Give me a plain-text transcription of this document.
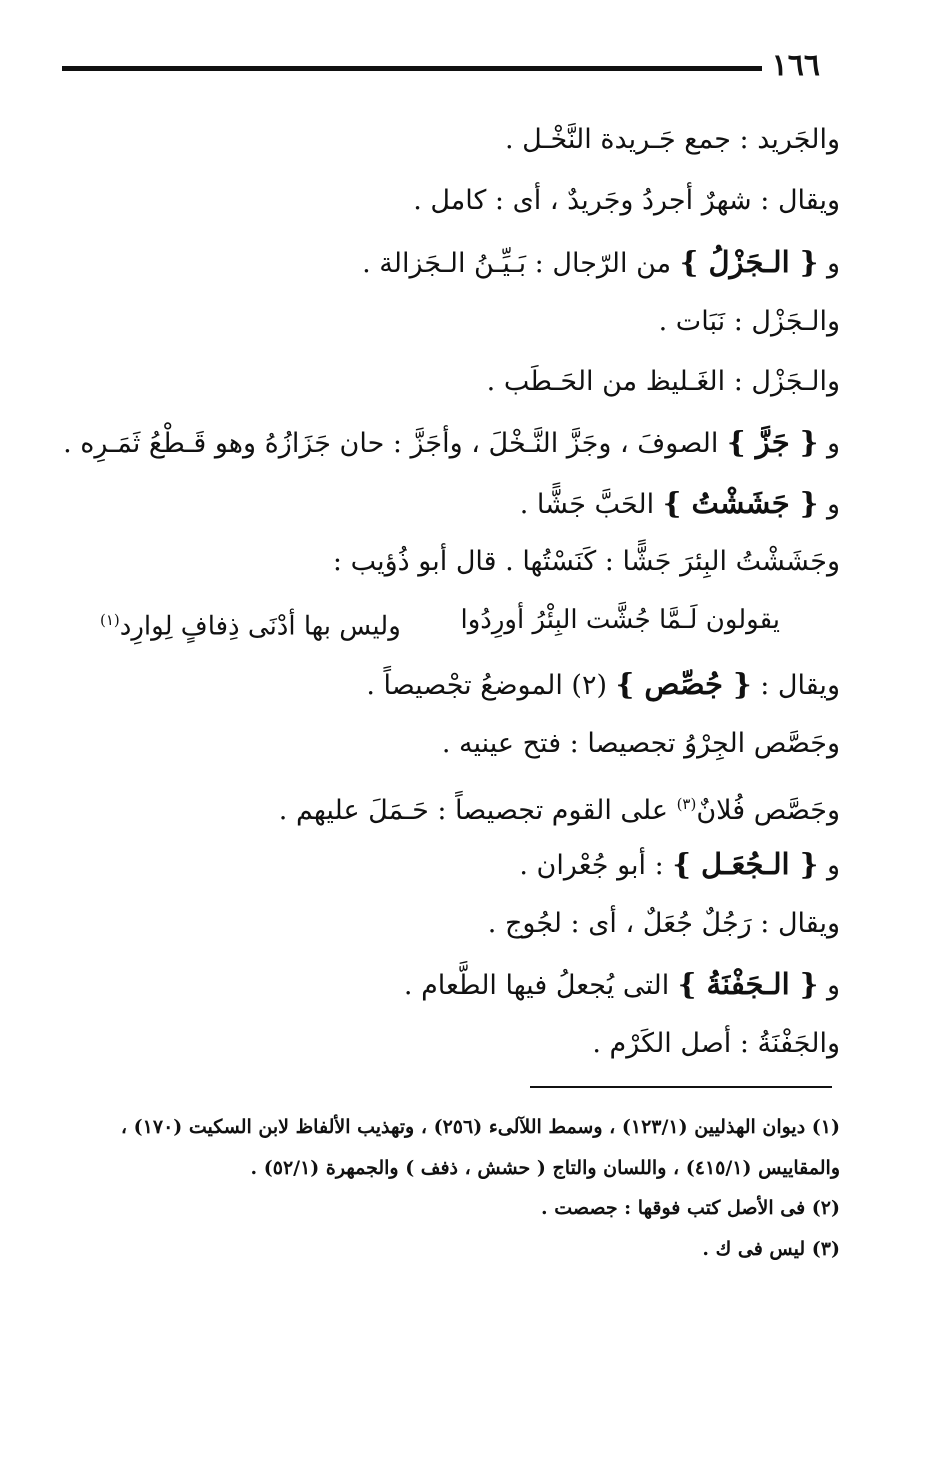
١٦٦
والجَريد : جمع جَـريدة النَّخْـل .
ويقال : شهرٌ أجردُ وجَريدٌ ، أى : كامل .
و { الـجَزْلُ } من الرّجال : بَـيِّـنُ الـجَزالة .
والـجَزْل : نَبَات .
والـجَزْل : الغَـليظ من الحَـطَب .
و { جَزَّ } الصوفَ ، وجَزَّ النَّـخْلَ ، وأجَزَّ : حان جَزَازُهُ وهو قَـطْعُ ثَمَـرِه .
و { جَشَشْتُ } الحَبَّ جَشًّا .
وجَشَشْتُ البِئرَ جَشًّا : كَنَسْتُها . قال أبو ذُؤيب :
يقولون لَـمَّا جُشَّت البِئْرُ أورِدُوا
وليس بها أدْنَى ذِفافٍ لِوارِد$^{(١)}$
ويقال : { جُصِّص } (٢) الموضعُ تجْصيصاً .
وجَصَّص الجِرْوُ تجصيصا : فتح عينيه .
وجَصَّص فُلانٌ$^{(٣)}$ على القوم تجصيصاً : حَـمَلَ عليهم .
و { الـجُعَـل } : أبو جُعْران .
ويقال : رَجُلٌ جُعَلٌ ، أى : لجُوج .
و { الـجَفْنَةُ } التى يُجعلُ فيها الطَّعام .
والجَفْنَةُ : أصل الكَرْم .
(١) ديوان الهذليين (١٢٣/١) ، وسمط اللآلىء (٢٥٦) ، وتهذيب الألفاظ لابن السكيت (١٧٠) ،
والمقاييس (٤١٥/١) ، واللسان والتاج ( حشش ، ذفف ) والجمهرة (٥٢/١) .
(٢) فى الأصل كتب فوقها : جصصت .
(٣) ليس فى ك .
